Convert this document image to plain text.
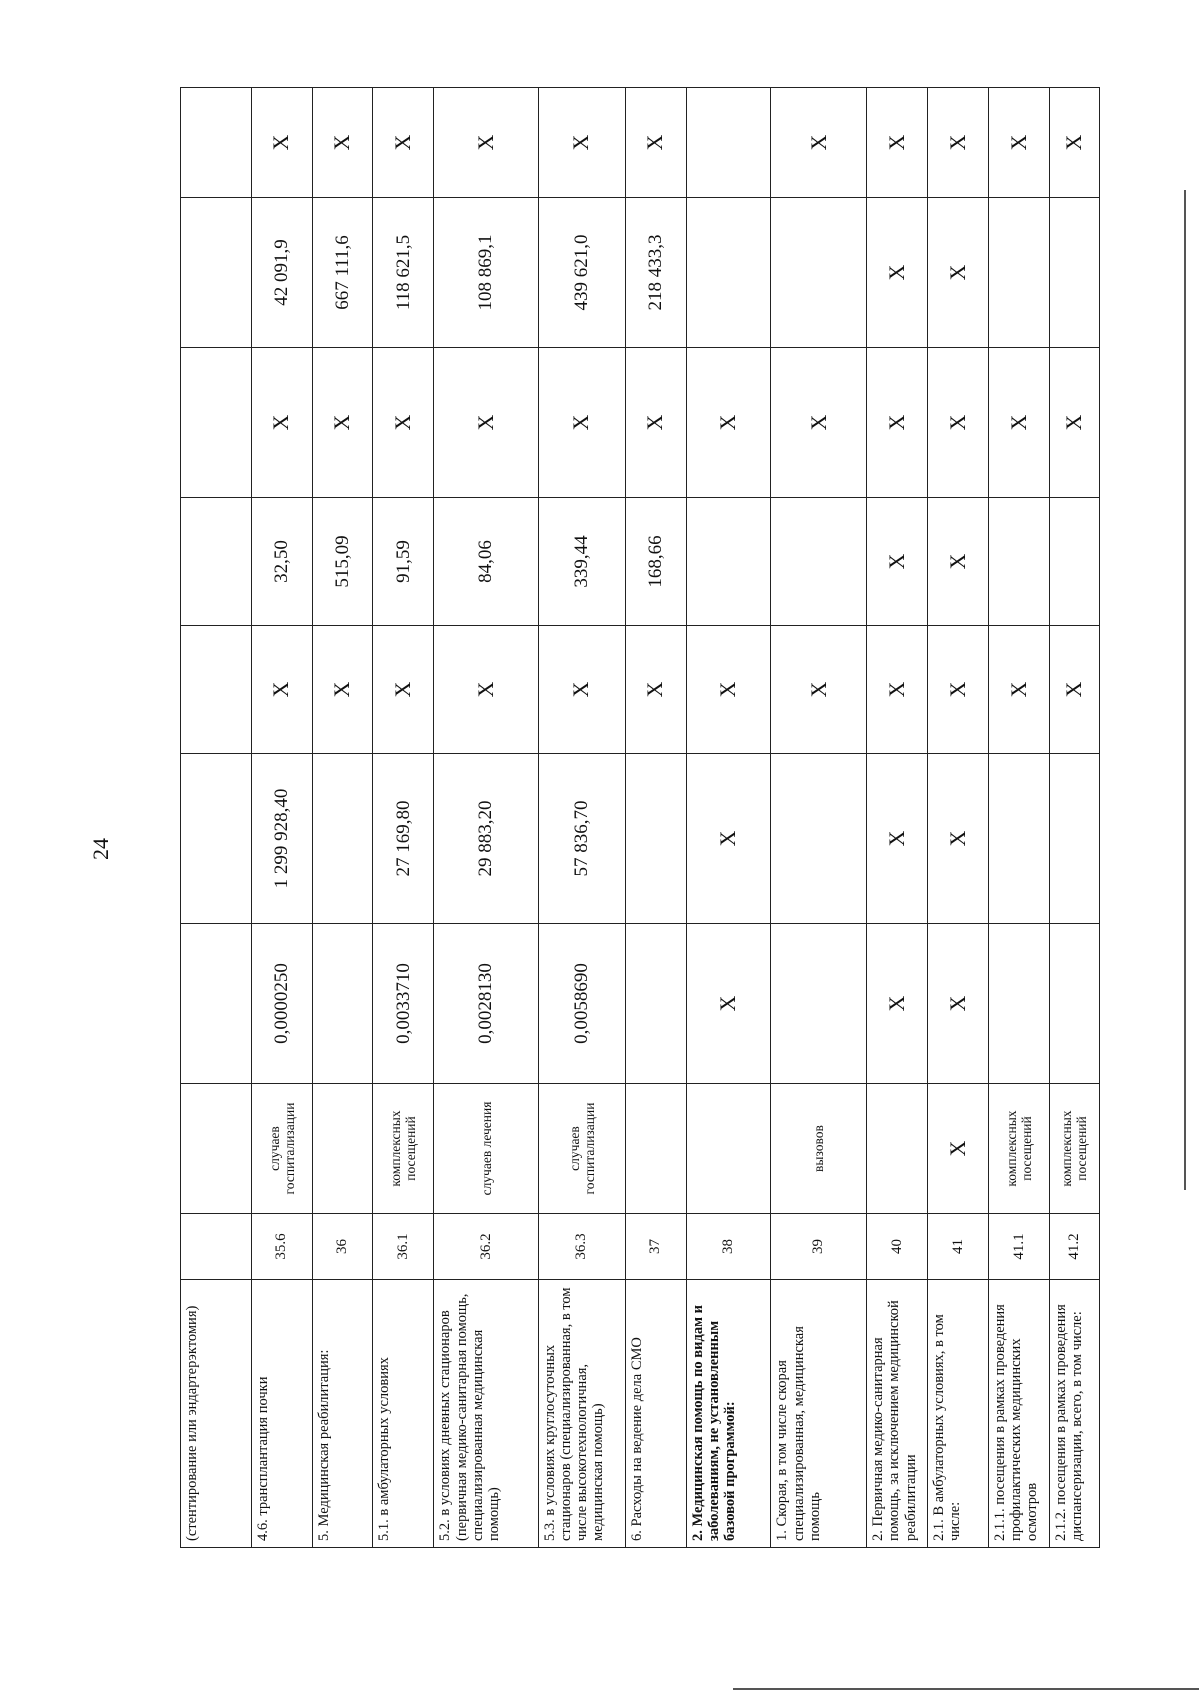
24
(стентирование или эндартерэктомия)									
4.6. трансплантация почки	35.6	случаев госпитализации	0,0000250	1 299 928,40	X	32,50	X	42 091,9	X
5. Медицинская реабилитация:	36				X	515,09	X	667 111,6	X
5.1. в амбулаторных условиях	36.1	комплексных посещений	0,0033710	27 169,80	X	91,59	X	118 621,5	X
5.2. в условиях дневных стационаров (первичная медико-санитарная помощь, специализированная медицинская помощь)	36.2	случаев лечения	0,0028130	29 883,20	X	84,06	X	108 869,1	X
5.3. в условиях круглосуточных стационаров (специализированная, в том числе высокотехнологичная, медицинская помощь)	36.3	случаев госпитализации	0,0058690	57 836,70	X	339,44	X	439 621,0	X
6. Расходы на ведение дела СМО	37				X	168,66	X	218 433,3	X
2. Медицинская помощь по видам и заболеваниям, не установленным базовой программой:	38		X	X	X		X		
1. Скорая, в том числе скорая специализированная, медицинская помощь	39	вызовов			X		X		X
2. Первичная медико-санитарная помощь, за исключением медицинской реабилитации	40		X	X	X	X	X	X	X
2.1. В амбулаторных условиях, в том числе:	41	X	X	X	X	X	X	X	X
2.1.1. посещения в рамках проведения профилактических медицинских осмотров	41.1	комплексных посещений			X		X		X
2.1.2. посещения в рамках проведения диспансеризации, всего, в том числе:	41.2	комплексных посещений			X		X		X
